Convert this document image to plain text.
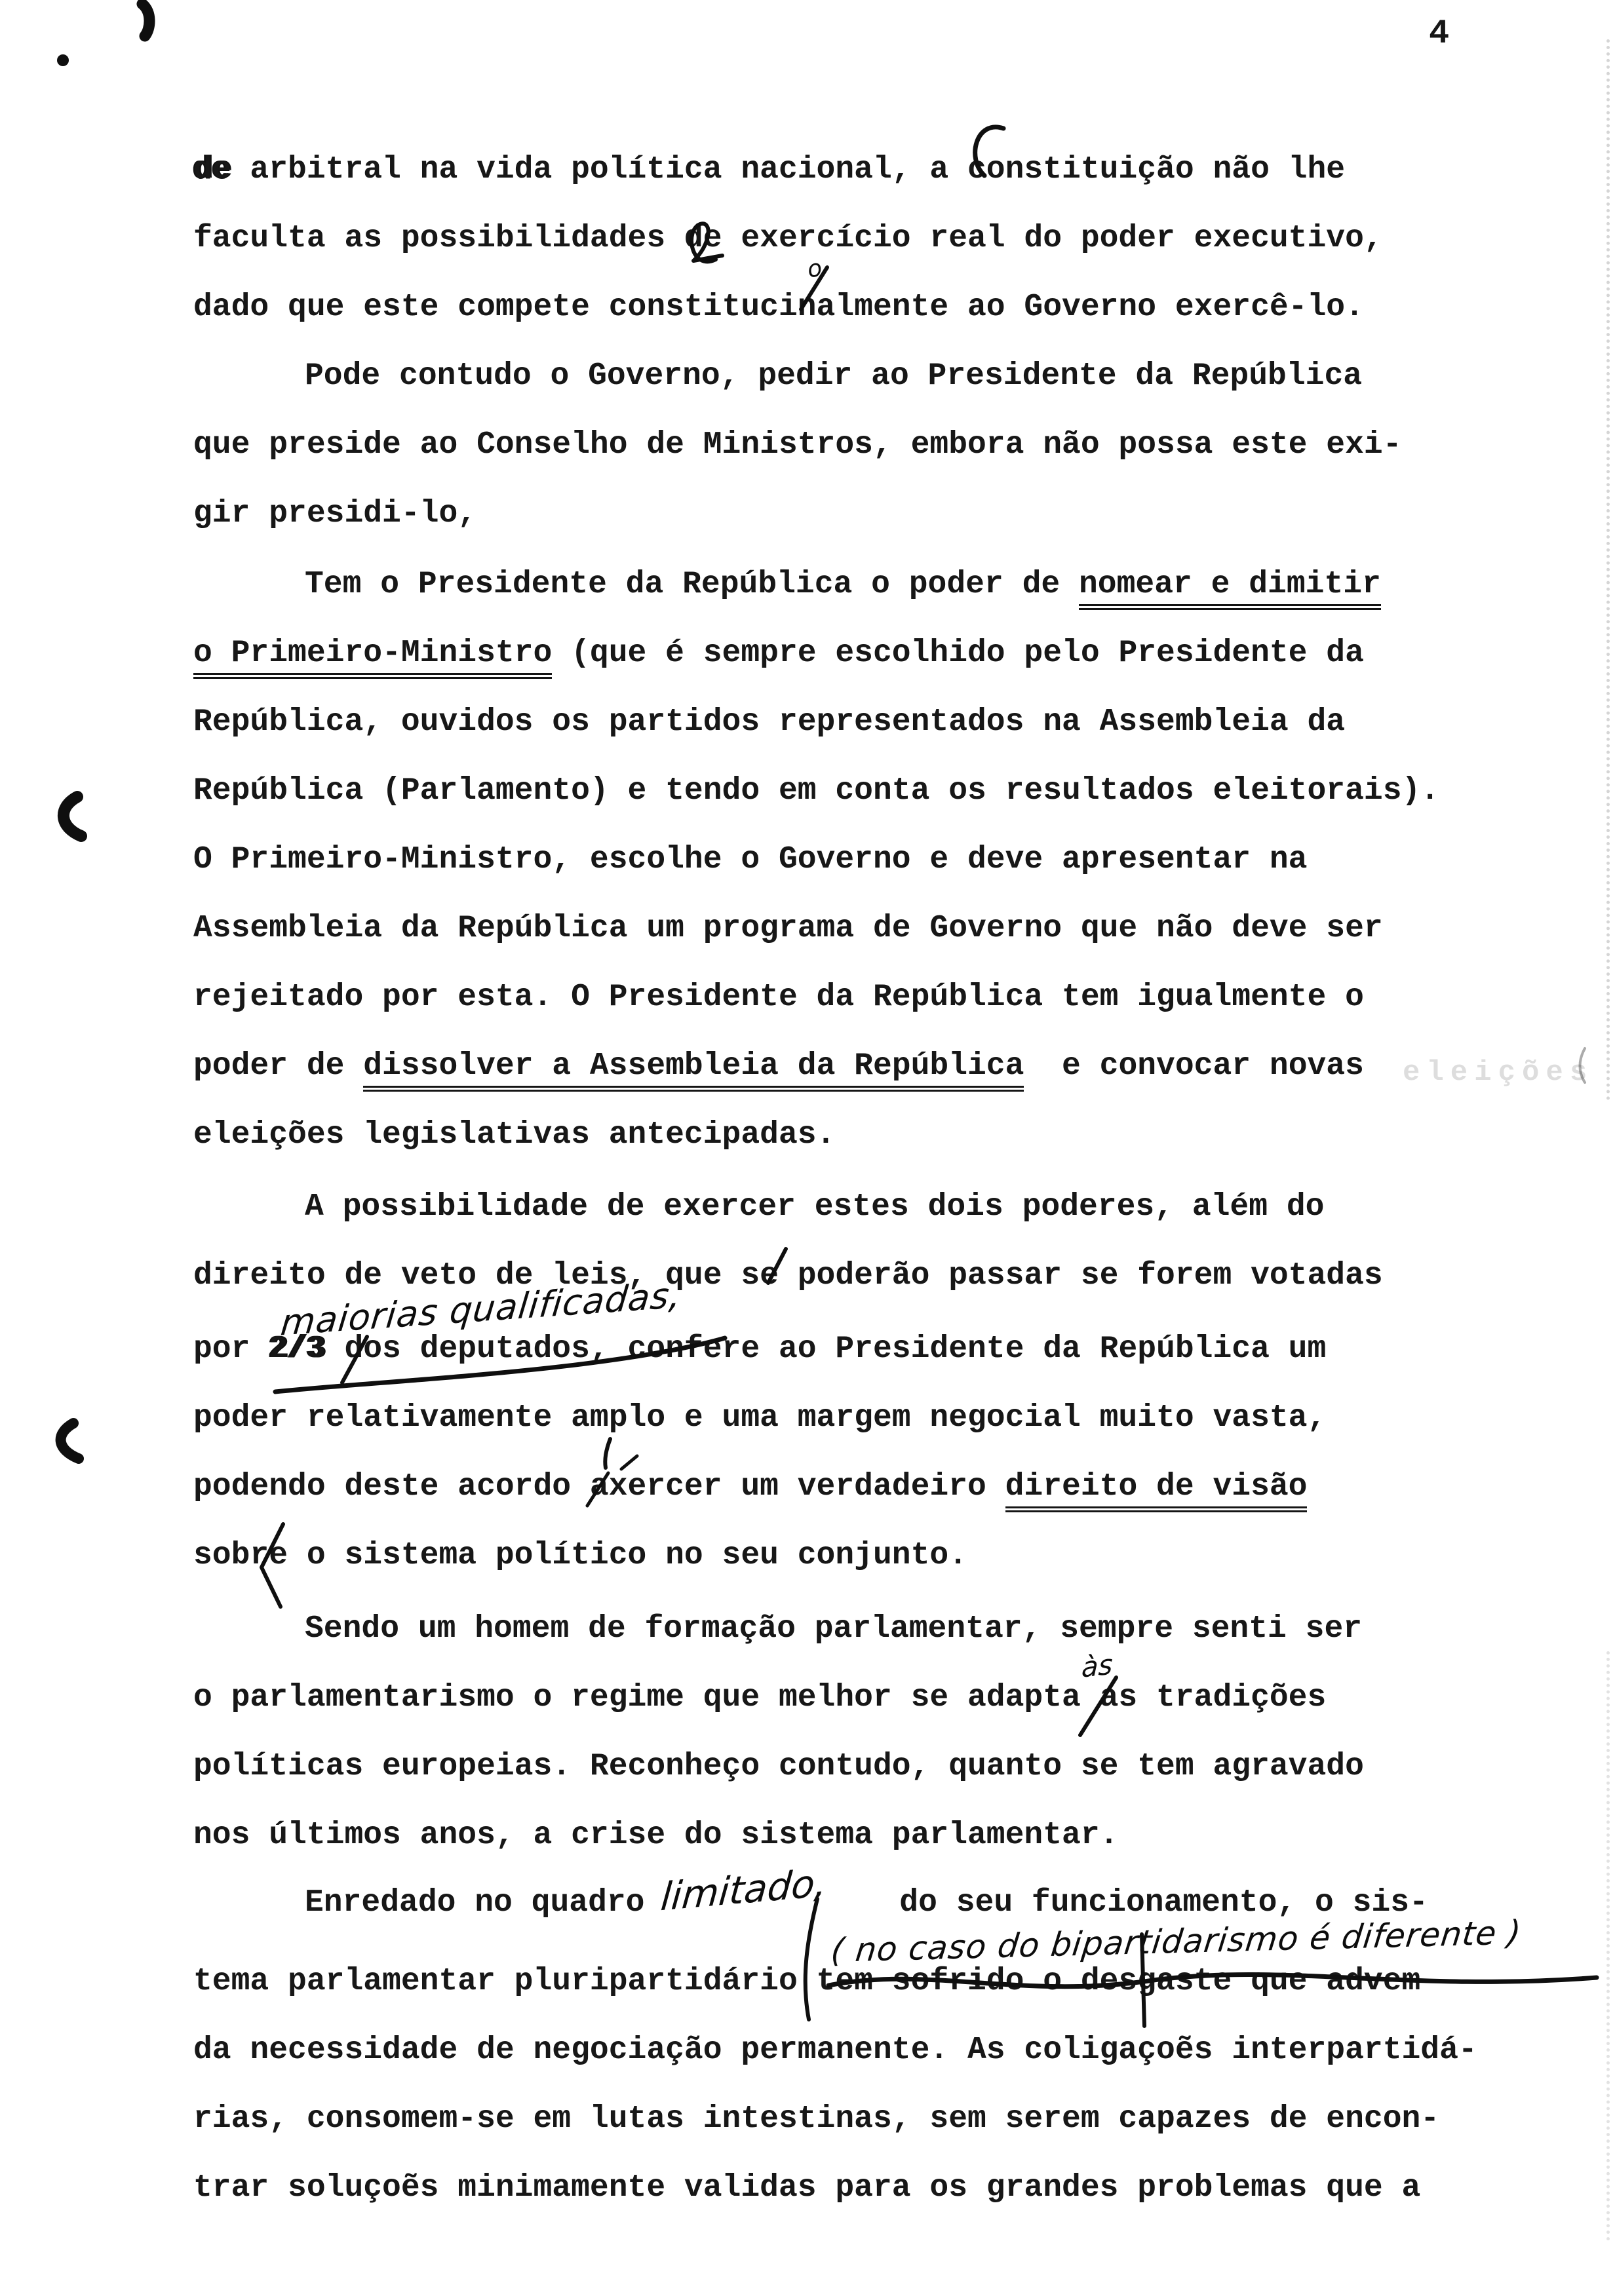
4
de arbitral na vida política nacional, a constituição não lhe
faculta as possibilidades de exercício real do poder executivo,
dado que este compete constitucinalmente ao Governo exercê-lo.
Pode contudo o Governo, pedir ao Presidente da República
que preside ao Conselho de Ministros, embora não possa este exi-
gir presidi-lo,
Tem o Presidente da República o poder de nomear e dimitir
o Primeiro-Ministro (que é sempre escolhido pelo Presidente da
República, ouvidos os partidos representados na Assembleia da
República (Parlamento) e tendo em conta os resultados eleitorais).
O Primeiro-Ministro, escolhe o Governo e deve apresentar na
Assembleia da República um programa de Governo que não deve ser
rejeitado por esta. O Presidente da República tem igualmente o
poder de dissolver a Assembleia da República  e convocar novas
eleições legislativas antecipadas.
A possibilidade de exercer estes dois poderes, além do
direito de veto de leis, que se poderão passar se forem votadas
por 2/3 dos deputados, confere ao Presidente da República um
poder relativamente amplo e uma margem negocial muito vasta,
podendo deste acordo axercer um verdadeiro direito de visão
sobre o sistema político no seu conjunto.
Sendo um homem de formação parlamentar, sempre senti ser
o parlamentarismo o regime que melhor se adapta as tradições
políticas europeias. Reconheço contudo, quanto se tem agravado
nos últimos anos, a crise do sistema parlamentar.
Enredado no quadro	do seu funcionamento, o sis-
tema parlamentar pluripartidário tem sofrido o desgaste que advem
da necessidade de negociação permanente. As coligaçoẽs interpartidá-
rias, consomem-se em lutas intestinas, sem serem capazes de encon-
trar soluçoẽs minimamente validas para os grandes problemas que a
o
maiorias qualificadas,
às
limitado,
( no caso do bipartidarismo é diferente )
eleições
